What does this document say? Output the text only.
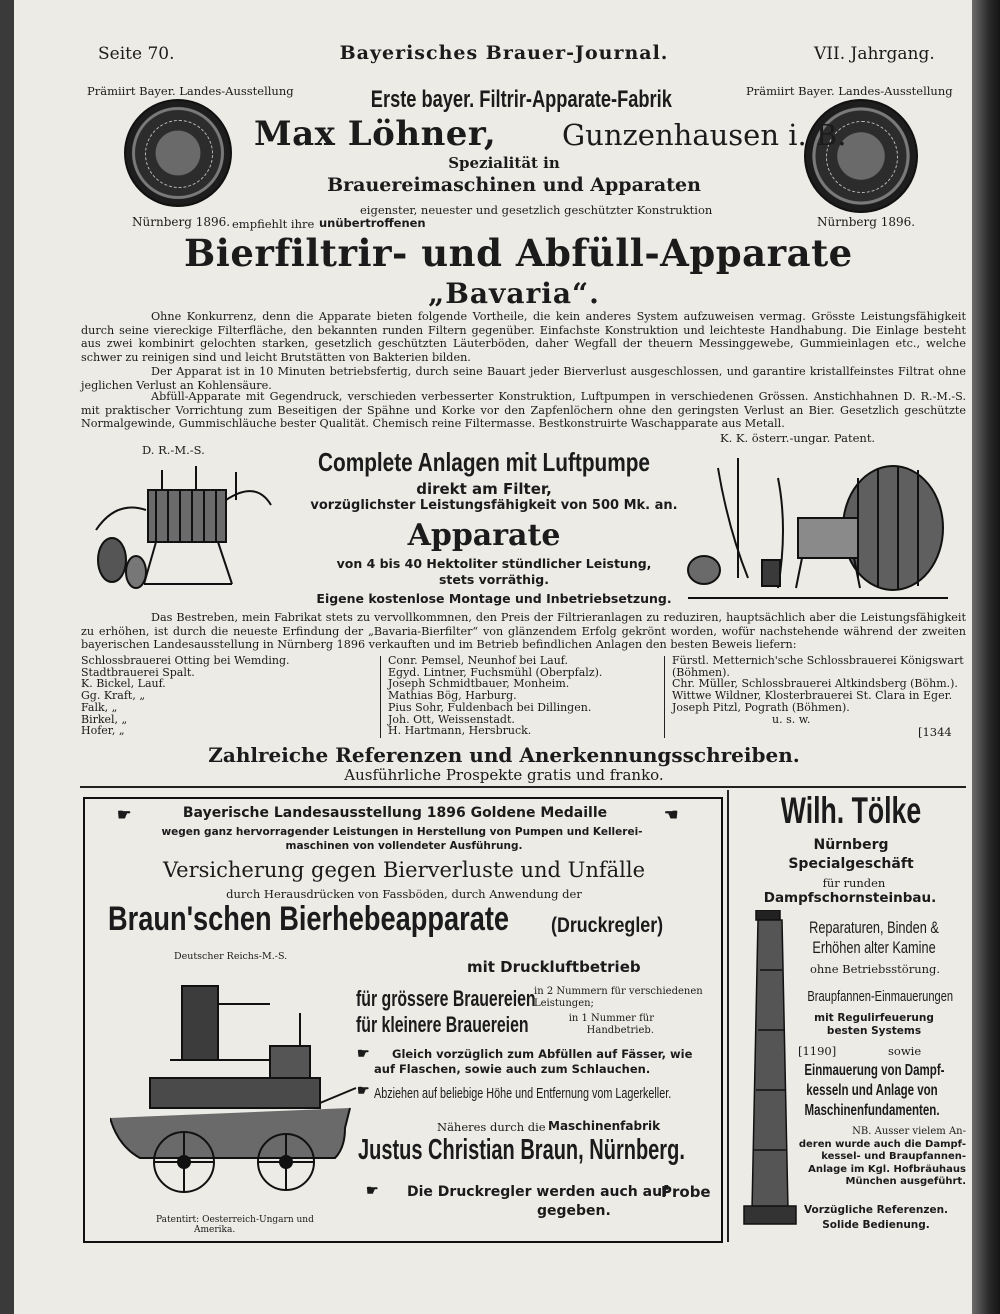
Seite 70.	Bayerisches Brauer-Journal.	VII. Jahrgang.
Prämiirt Bayer. Landes-Ausstellung	Prämiirt Bayer. Landes-Ausstellung
Erste bayer. Filtrir-Apparate-Fabrik
Max Löhner, Gunzenhausen i. B.
Spezialität in
Brauereimaschinen und Apparaten
eigenster, neuester und gesetzlich geschützter Konstruktion
Nürnberg 1896. empfiehlt ihre unübertroffenen	Nürnberg 1896.
Bierfiltrir- und Abfüll-Apparate
„Bavaria“.
Ohne Konkurrenz, denn die Apparate bieten folgende Vortheile, die kein anderes System aufzuweisen vermag. Grösste Leistungsfähigkeit durch seine viereckige Filterfläche, den bekannten runden Filtern gegenüber. Einfachste Konstruktion und leichteste Handhabung. Die Einlage besteht aus zwei kombinirt gelochten starken, gesetzlich geschützten Läuterböden, daher Wegfall der theuern Messinggewebe, Gummieinlagen etc., welche schwer zu reinigen sind und leicht Brutstätten von Bakterien bilden.
Der Apparat ist in 10 Minuten betriebsfertig, durch seine Bauart jeder Bierverlust ausgeschlossen, und garantire kristallfeinstes Filtrat ohne jeglichen Verlust an Kohlensäure.
Abfüll-Apparate mit Gegendruck, verschieden verbesserter Konstruktion, Luftpumpen in verschiedenen Grössen. Anstichhahnen D. R.-M.-S. mit praktischer Vorrichtung zum Beseitigen der Spähne und Korke vor den Zapfenlöchern ohne den geringsten Verlust an Bier. Gesetzlich geschützte Normalgewinde, Gummischläuche bester Qualität. Chemisch reine Filtermasse. Bestkonstruirte Waschapparate aus Metall.
D. R.-M.-S.
K. K. österr.-ungar. Patent.
Complete Anlagen mit Luftpumpe
direkt am Filter,
vorzüglichster Leistungsfähigkeit von 500 Mk. an.
Apparate
von 4 bis 40 Hektoliter stündlicher Leistung,
stets vorräthig.
Eigene kostenlose Montage und Inbetriebsetzung.
Das Bestreben, mein Fabrikat stets zu vervollkommnen, den Preis der Filtrieranlagen zu reduziren, hauptsächlich aber die Leistungsfähigkeit zu erhöhen, ist durch die neueste Erfindung der „Bavaria-Bierfilter“ von glänzendem Erfolg gekrönt worden, wofür nachstehende während der zweiten bayerischen Landesausstellung in Nürnberg 1896 verkauften und im Betrieb befindlichen Anlagen den besten Beweis liefern:
Schlossbrauerei Otting bei Wemding.
Stadtbrauerei Spalt.
K. Bickel, Lauf.
Gg. Kraft, „
Falk, „
Birkel, „
Hofer, „
Conr. Pemsel, Neunhof bei Lauf.
Egyd. Lintner, Fuchsmühl (Oberpfalz).
Joseph Schmidtbauer, Monheim.
Mathias Bög, Harburg.
Pius Sohr, Fuldenbach bei Dillingen.
Joh. Ott, Weissenstadt.
H. Hartmann, Hersbruck.
Fürstl. Metternich'sche Schlossbrauerei Königswart (Böhmen).
Chr. Müller, Schlossbrauerei Altkindsberg (Böhm.).
Wittwe Wildner, Klosterbrauerei St. Clara in Eger.
Joseph Pitzl, Pograth (Böhmen).
u. s. w.
[1344
Zahlreiche Referenzen und Anerkennungsschreiben.
Ausführliche Prospekte gratis und franko.
☛	Bayerische Landesausstellung 1896 Goldene Medaille	☛
wegen ganz hervorragender Leistungen in Herstellung von Pumpen und Kellerei-
maschinen von vollendeter Ausführung.
Versicherung gegen Bierverluste und Unfälle
durch Herausdrücken von Fassböden, durch Anwendung der
Braun'schen Bierhebeapparate (Druckregler)
Deutscher Reichs-M.-S.
mit Druckluftbetrieb
Patentirt: Oesterreich-Ungarn und
Amerika.
für grössere Brauereien
in 2 Nummern für verschiedenen Leistungen;
für kleinere Brauereien	in 1 Nummer für Handbetrieb.
☛ Gleich vorzüglich zum Abfüllen auf Fässer, wie
auf Flaschen, sowie auch zum Schlauchen.
☛ Abziehen auf beliebige Höhe und Entfernung vom Lagerkeller.
Näheres durch die Maschinenfabrik
Justus Christian Braun, Nürnberg.
☛ Die Druckregler werden auch auf
Probe
gegeben.
Wilh. Tölke
Nürnberg
Specialgeschäft
für runden
Dampfschornsteinbau.
Reparaturen, Binden &
Erhöhen alter Kamine
ohne Betriebsstörung.
Braupfannen-Einmauerungen
mit Regulirfeuerung
besten Systems
[1190]	sowie
Einmauerung von Dampf-
kesseln und Anlage von
Maschinenfundamenten.
NB. Ausser vielem An-
deren wurde auch die Dampf-
kessel- und Braupfannen-
Anlage im Kgl. Hofbräuhaus
München ausgeführt.
Vorzügliche Referenzen.
Solide Bedienung.
